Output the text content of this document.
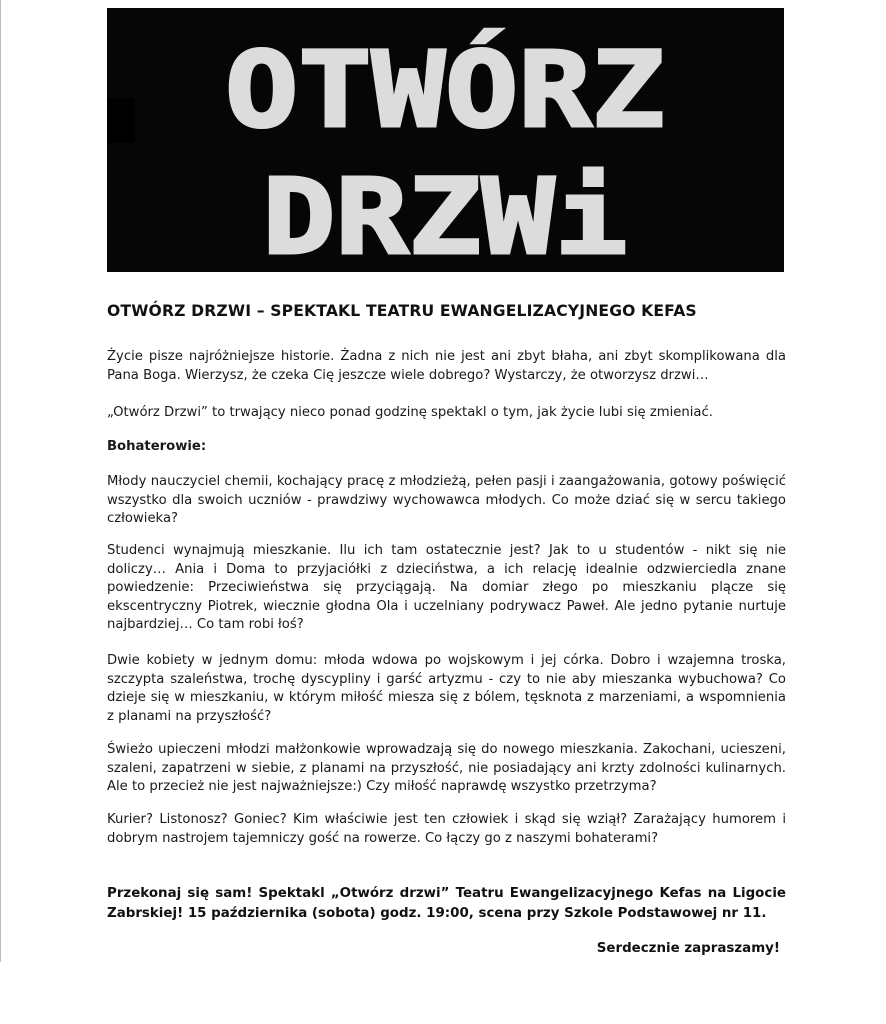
OTWÓRZ
DRZWi
OTWÓRZ DRZWI – SPEKTAKL TEATRU EWANGELIZACYJNEGO KEFAS

Życie pisze najróżniejsze historie. Żadna z nich nie jest ani zbyt błaha, ani zbyt skomplikowana dla Pana Boga. Wierzysz, że czeka Cię jeszcze wiele dobrego? Wystarczy, że otworzysz drzwi…

„Otwórz Drzwi” to trwający nieco ponad godzinę spektakl o tym, jak życie lubi się zmieniać.

Bohaterowie:

Młody nauczyciel chemii, kochający pracę z młodzieżą, pełen pasji i zaangażowania, gotowy poświęcić wszystko dla swoich uczniów - prawdziwy wychowawca młodych. Co może dziać się w sercu takiego człowieka?

Studenci wynajmują mieszkanie. Ilu ich tam ostatecznie jest? Jak to u studentów - nikt się nie doliczy… Ania i Doma to przyjaciółki z dzieciństwa, a ich relację idealnie odzwierciedla znane powiedzenie: Przeciwieństwa się przyciągają. Na domiar złego po mieszkaniu plącze się ekscentryczny Piotrek, wiecznie głodna Ola i uczelniany podrywacz Paweł. Ale jedno pytanie nurtuje najbardziej… Co tam robi łoś?

Dwie kobiety w jednym domu: młoda wdowa po wojskowym i jej córka. Dobro i wzajemna troska, szczypta szaleństwa, trochę dyscypliny i garść artyzmu - czy to nie aby mieszanka wybuchowa? Co dzieje się w mieszkaniu, w którym miłość miesza się z bólem, tęsknota z marzeniami, a wspomnienia z planami na przyszłość?

Świeżo upieczeni młodzi małżonkowie wprowadzają się do nowego mieszkania. Zakochani, ucieszeni, szaleni, zapatrzeni w siebie, z planami na przyszłość, nie posiadający ani krzty zdolności kulinarnych. Ale to przecież nie jest najważniejsze:) Czy miłość naprawdę wszystko przetrzyma?

Kurier? Listonosz? Goniec? Kim właściwie jest ten człowiek i skąd się wziął? Zarażający humorem i dobrym nastrojem tajemniczy gość na rowerze. Co łączy go z naszymi bohaterami?

Przekonaj się sam! Spektakl „Otwórz drzwi” Teatru Ewangelizacyjnego Kefas na Ligocie Zabrskiej! 15 października (sobota) godz. 19:00, scena przy Szkole Podstawowej nr 11.

Serdecznie zapraszamy!
